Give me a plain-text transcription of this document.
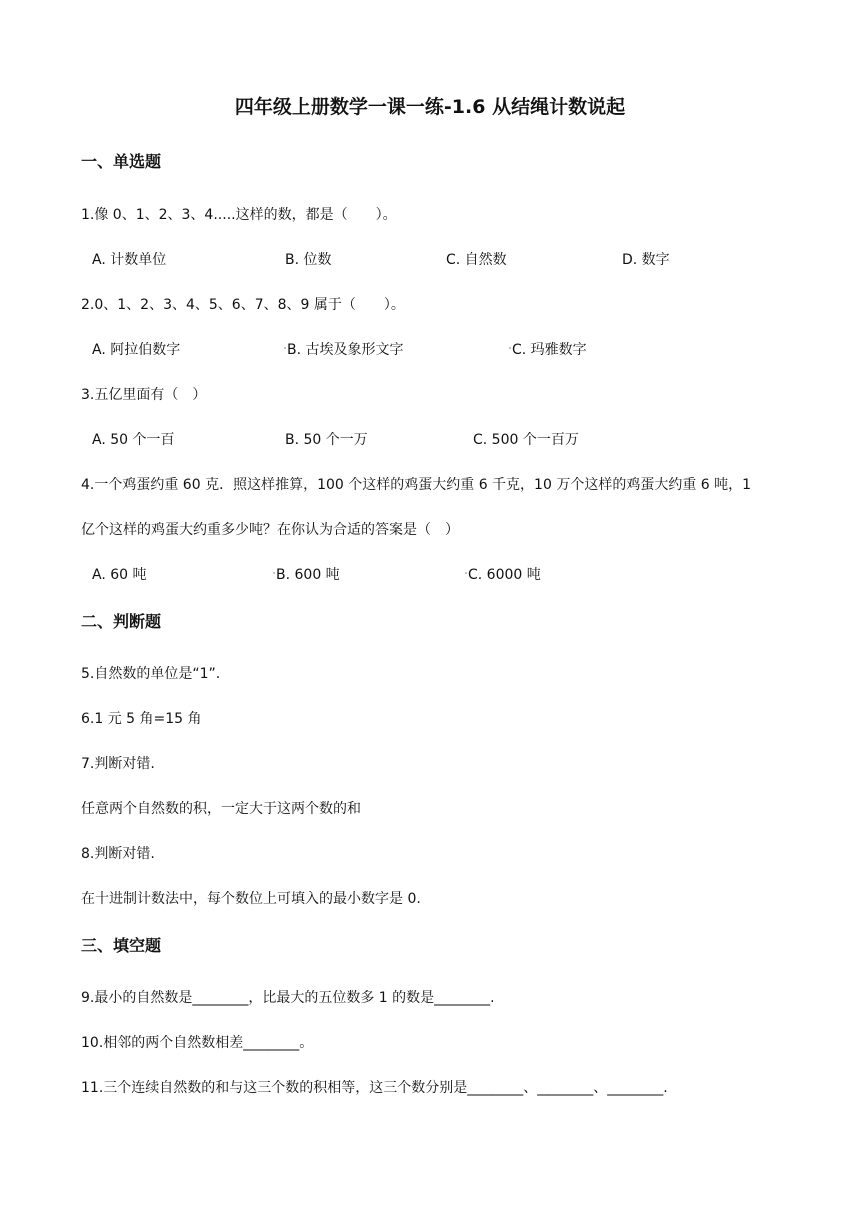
四年级上册数学一课一练-1.6 从结绳计数说起
一、单选题
1.像 0、1、2、3、4.....这样的数，都是（　　）。
A. 计数单位	B. 位数	C. 自然数	D. 数字
2.0、1、2、3、4、5、6、7、8、9 属于（　　）。
A. 阿拉伯数字	B. 古埃及象形文字	C. 玛雅数字
3.五亿里面有（　）
A. 50 个一百	B. 50 个一万	C. 500 个一百万
4.一个鸡蛋约重 60 克．照这样推算，100 个这样的鸡蛋大约重 6 千克，10 万个这样的鸡蛋大约重 6 吨，1
亿个这样的鸡蛋大约重多少吨？在你认为合适的答案是（　）
A. 60 吨	B. 600 吨	C. 6000 吨
二、判断题
5.自然数的单位是“1”.
6.1 元 5 角=15 角
7.判断对错.
任意两个自然数的积，一定大于这两个数的和
8.判断对错.
在十进制计数法中，每个数位上可填入的最小数字是 0.
三、填空题
9.最小的自然数是________，比最大的五位数多 1 的数是________.
10.相邻的两个自然数相差________。
11.三个连续自然数的和与这三个数的积相等，这三个数分别是________、________、________.
